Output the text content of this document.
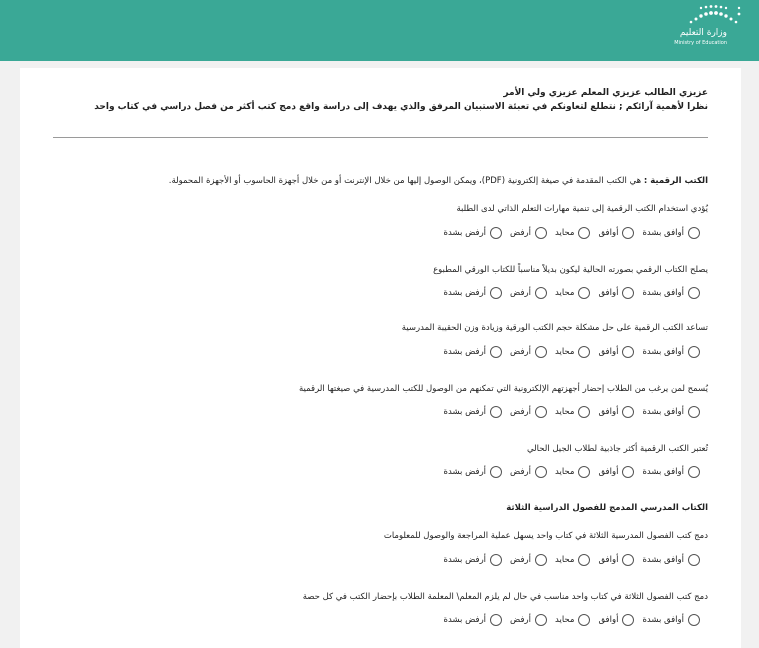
وزارة التعليم
Ministry of Education
عزيزي الطالب عزيزي المعلم عزيزي ولي الأمر
نظرا لأهمية آرائكم ; نتطلع لتعاونكم في تعبئة الاستبيان المرفق والذي يهدف إلى دراسة واقع دمج كتب أكثر من فصل دراسي في كتاب واحد
الكتب الرقمية : هي الكتب المقدمة في صيغة إلكترونية (PDF)، ويمكن الوصول إليها من خلال الإنترنت أو من خلال أجهزة الحاسوب أو الأجهزة المحمولة.
يُؤدي استخدام الكتب الرقمية إلى تنمية مهارات التعلم الذاتي لدى الطلبة
أوافق بشدة
أوافق
محايد
أرفض
أرفض بشدة
يصلح الكتاب الرقمي بصورته الحالية ليكون بديلاً مناسباً للكتاب الورقي المطبوع
أوافق بشدة
أوافق
محايد
أرفض
أرفض بشدة
تساعد الكتب الرقمية على حل مشكلة حجم الكتب الورقية وزيادة وزن الحقيبة المدرسية
أوافق بشدة
أوافق
محايد
أرفض
أرفض بشدة
يُسمح لمن يرغب من الطلاب إحضار أجهزتهم الإلكترونية التي تمكنهم من الوصول للكتب المدرسية في صيغتها الرقمية
أوافق بشدة
أوافق
محايد
أرفض
أرفض بشدة
تُعتبر الكتب الرقمية أكثر جاذبية لطلاب الجيل الحالي
أوافق بشدة
أوافق
محايد
أرفض
أرفض بشدة
الكتاب المدرسي المدمج للفصول الدراسية الثلاثة
دمج كتب الفصول المدرسية الثلاثة في كتاب واحد يسهل عملية المراجعة والوصول للمعلومات
أوافق بشدة
أوافق
محايد
أرفض
أرفض بشدة
دمج كتب الفصول الثلاثة في كتاب واحد مناسب في حال لم يلزم المعلم\ المعلمة الطلاب بإحضار الكتب في كل حصة
أوافق بشدة
أوافق
محايد
أرفض
أرفض بشدة
